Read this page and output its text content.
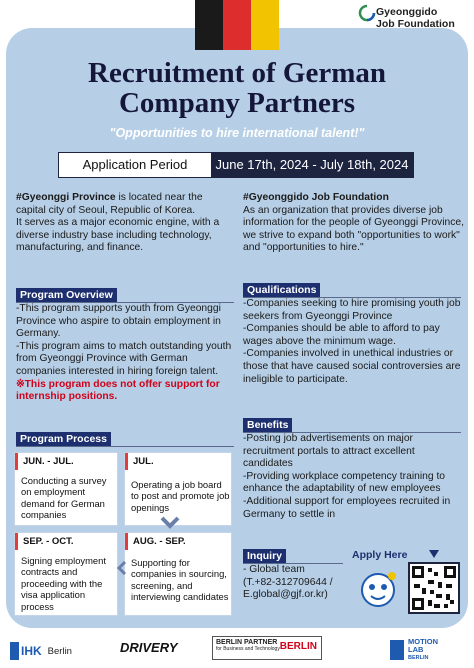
Gyeonggido
Job Foundation
Recruitment of German
Company Partners
"Opportunities to hire international talent!"
Application Period	June 17th, 2024 - July 18th, 2024

#Gyeonggi Province is located near the capital city of Seoul, Republic of Korea.

It serves as a major economic engine, with a diverse industry base including technology, manufacturing, and finance.

#Gyeonggido Job Foundation

As an organization that provides diverse job information for the people of Gyeonggi Province, we strive to expand both "opportunities to work" and "opportunities to hire."

Program Overview

-This program supports youth from Gyeonggi Province who aspire to obtain employment in Germany.

-This program aims to match outstanding youth from Gyeonggi Province with German companies interested in hiring foreign talent.

※This program does not offer support for internship positions.

Qualifications

-Companies seeking to hire promising youth job seekers from Gyeonggi Province

-Companies should be able to afford to pay wages above the minimum wage.

-Companies involved in unethical industries or those that have caused social controversies are ineligible to participate.

Program Process
JUN. - JUL.
Conducting a survey on employment demand for German companies
JUL.
Operating a job board to post and promote job openings
SEP. - OCT.
Signing employment contracts and proceeding with the visa application process
AUG. - SEP.
Supporting for companies in sourcing, screening, and interviewing candidates
Benefits

-Posting job advertisements on major recruitment portals to attract excellent candidates

-Providing workplace competency training to enhance the adaptability of new employees

-Additional support for employees recruited in Germany to settle in

Inquiry

- Global team

(T.+82-312709644 /

E.global@gjf.or.kr)

Apply Here
IHK Berlin	DRIVERY	BERLIN PARTNER
for Business and Technology BERLIN	MOTION
LAB
BERLIN
